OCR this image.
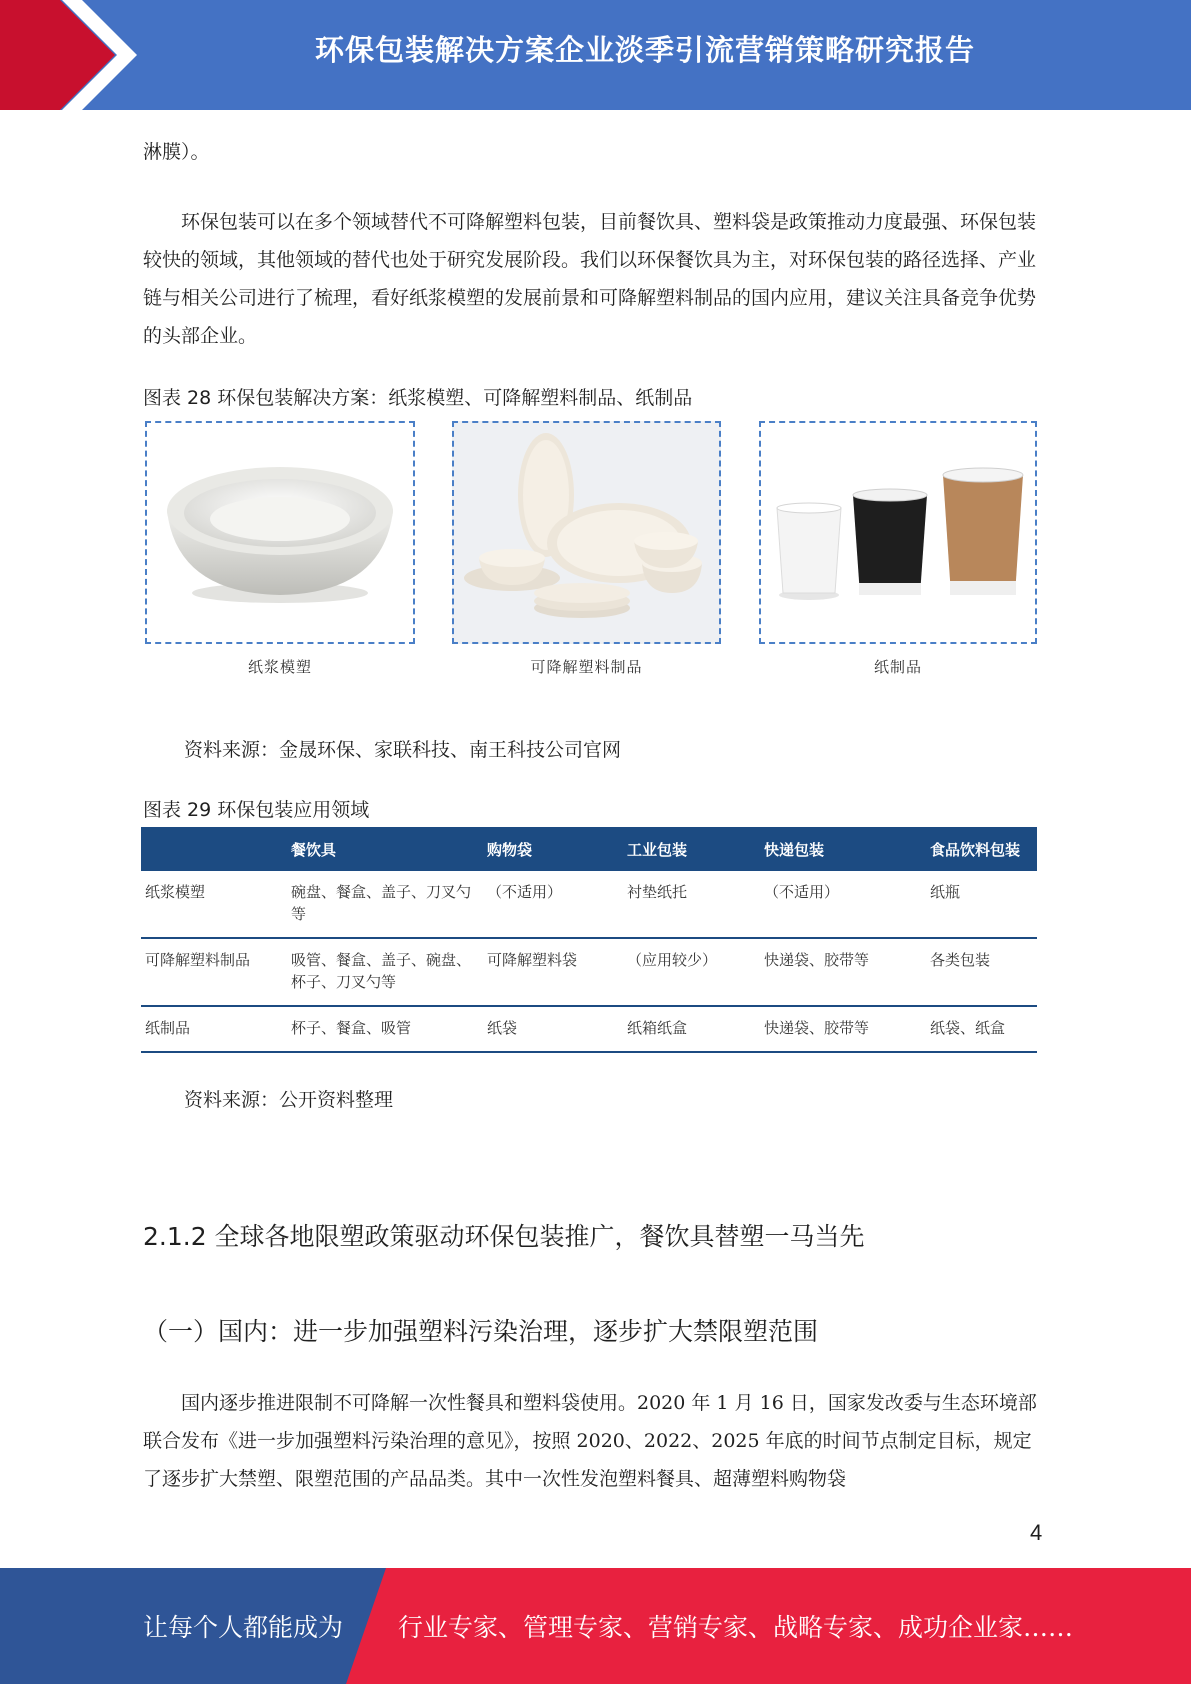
环保包装解决方案企业淡季引流营销策略研究报告
淋膜）。
环保包装可以在多个领域替代不可降解塑料包装，目前餐饮具、塑料袋是政策推动力度最强、环保包装较快的领域，其他领域的替代也处于研究发展阶段。我们以环保餐饮具为主，对环保包装的路径选择、产业链与相关公司进行了梳理，看好纸浆模塑的发展前景和可降解塑料制品的国内应用，建议关注具备竞争优势的头部企业。
图表 28 环保包装解决方案：纸浆模塑、可降解塑料制品、纸制品
纸浆模塑	可降解塑料制品	纸制品
资料来源：金晟环保、家联科技、南王科技公司官网
图表 29 环保包装应用领域
	餐饮具	购物袋	工业包装	快递包装	食品饮料包装
纸浆模塑	碗盘、餐盒、盖子、刀叉勺等	（不适用）	衬垫纸托	（不适用）	纸瓶
可降解塑料制品	吸管、餐盒、盖子、碗盘、杯子、刀叉勺等	可降解塑料袋	（应用较少）	快递袋、胶带等	各类包装
纸制品	杯子、餐盒、吸管	纸袋	纸箱纸盒	快递袋、胶带等	纸袋、纸盒
资料来源：公开资料整理
2.1.2 全球各地限塑政策驱动环保包装推广，餐饮具替塑一马当先
（一）国内：进一步加强塑料污染治理，逐步扩大禁限塑范围
国内逐步推进限制不可降解一次性餐具和塑料袋使用。2020 年 1 月 16 日，国家发改委与生态环境部联合发布《进一步加强塑料污染治理的意见》，按照 2020、2022、2025 年底的时间节点制定目标，规定了逐步扩大禁塑、限塑范围的产品品类。其中一次性发泡塑料餐具、超薄塑料购物袋
4
让每个人都能成为 行业专家、管理专家、营销专家、战略专家、成功企业家……
